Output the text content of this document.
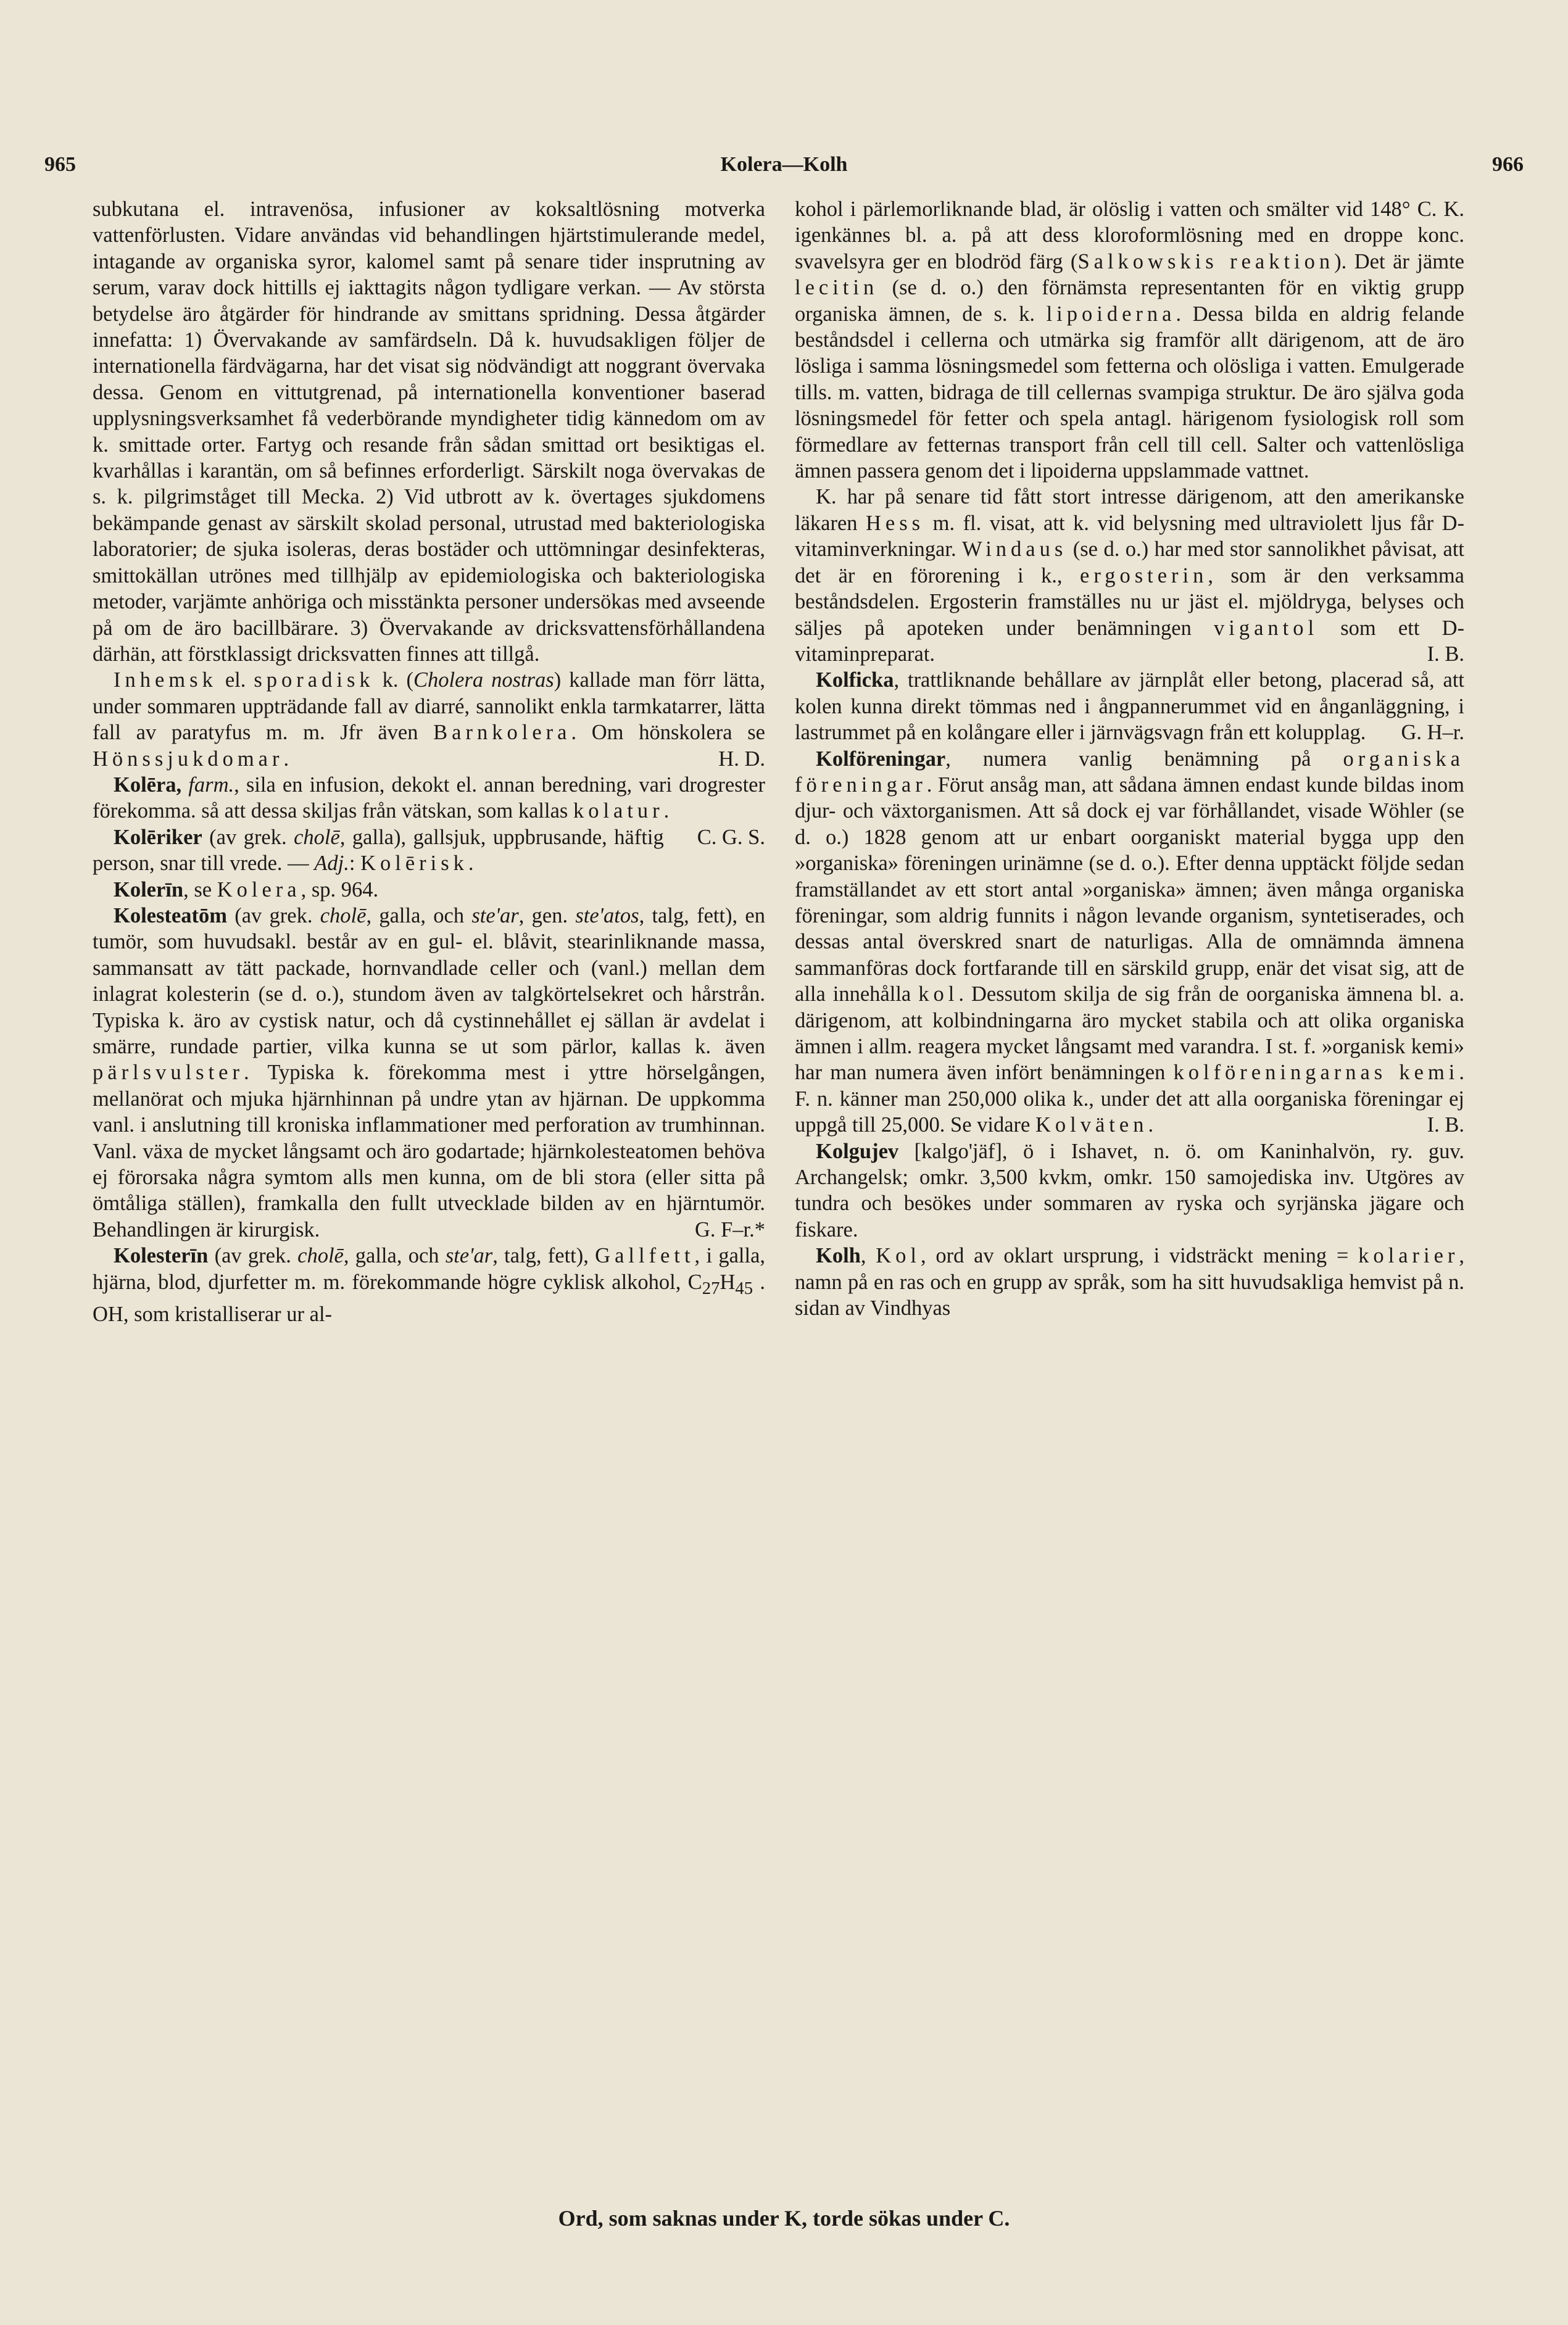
965	Kolera—Kolh	966

subkutana el. intravenösa, infusioner av koksaltlösning motverka vattenförlusten. Vidare användas vid behandlingen hjärtstimulerande medel, intagande av organiska syror, kalomel samt på senare tider insprutning av serum, varav dock hittills ej iakttagits någon tydligare verkan. — Av största betydelse äro åtgärder för hindrande av smittans spridning. Dessa åtgärder innefatta: 1) Övervakande av samfärdseln. Då k. huvudsakligen följer de internationella färdvägarna, har det visat sig nödvändigt att noggrant övervaka dessa. Genom en vittutgrenad, på internationella konventioner baserad upplysningsverksamhet få vederbörande myndigheter tidig kännedom om av k. smittade orter. Fartyg och resande från sådan smittad ort besiktigas el. kvarhållas i karantän, om så befinnes erforderligt. Särskilt noga övervakas de s. k. pilgrimståget till Mecka. 2) Vid utbrott av k. övertages sjukdomens bekämpande genast av särskilt skolad personal, utrustad med bakteriologiska laboratorier; de sjuka isoleras, deras bostäder och uttömningar desinfekteras, smittokällan utrönes med tillhjälp av epidemiologiska och bakteriologiska metoder, varjämte anhöriga och misstänkta personer undersökas med avseende på om de äro bacillbärare. 3) Övervakande av dricksvattensförhållandena därhän, att förstklassigt dricksvatten finnes att tillgå.

Inhemsk el. sporadisk k. (Cholera nostras) kallade man förr lätta, under sommaren uppträdande fall av diarré, sannolikt enkla tarmkatarrer, lätta fall av paratyfus m. m. Jfr även Barnkolera. Om hönskolera se Hönssjukdomar.	H. D.

Kolēra, farm., sila en infusion, dekokt el. annan beredning, vari drogrester förekomma. så att dessa skiljas från vätskan, som kallas kolatur.
C. G. S.

Kolēriker (av grek. cholē, galla), gallsjuk, uppbrusande, häftig person, snar till vrede. — Adj.: Kolērisk.

Kolerīn, se Kolera, sp. 964.

Kolesteatōm (av grek. cholē, galla, och ste'ar, gen. ste'atos, talg, fett), en tumör, som huvudsakl. består av en gul- el. blåvit, stearinliknande massa, sammansatt av tätt packade, hornvandlade celler och (vanl.) mellan dem inlagrat kolesterin (se d. o.), stundom även av talgkörtelsekret och hårstrån. Typiska k. äro av cystisk natur, och då cystinnehållet ej sällan är avdelat i smärre, rundade partier, vilka kunna se ut som pärlor, kallas k. även pärlsvulster. Typiska k. förekomma mest i yttre hörselgången, mellanörat och mjuka hjärnhinnan på undre ytan av hjärnan. De uppkomma vanl. i anslutning till kroniska inflammationer med perforation av trumhinnan. Vanl. växa de mycket långsamt och äro godartade; hjärnkolesteatomen behöva ej förorsaka några symtom alls men kunna, om de bli stora (eller sitta på ömtåliga ställen), framkalla den fullt utvecklade bilden av en hjärntumör. Behandlingen är kirurgisk.	G. F–r.*

Kolesterīn (av grek. cholē, galla, och ste'ar, talg, fett), Gallfett, i galla, hjärna, blod, djurfetter m. m. förekommande högre cyklisk alkohol, $C_{27}H_{45}$ . OH, som kristalliserar ur al-

kohol i pärlemorliknande blad, är olöslig i vatten och smälter vid 148° C. K. igenkännes bl. a. på att dess kloroformlösning med en droppe konc. svavelsyra ger en blodröd färg (Salkowskis reaktion). Det är jämte lecitin (se d. o.) den förnämsta representanten för en viktig grupp organiska ämnen, de s. k. lipoiderna. Dessa bilda en aldrig felande beståndsdel i cellerna och utmärka sig framför allt därigenom, att de äro lösliga i samma lösningsmedel som fetterna och olösliga i vatten. Emulgerade tills. m. vatten, bidraga de till cellernas svampiga struktur. De äro själva goda lösningsmedel för fetter och spela antagl. härigenom fysiologisk roll som förmedlare av fetternas transport från cell till cell. Salter och vattenlösliga ämnen passera genom det i lipoiderna uppslammade vattnet.

K. har på senare tid fått stort intresse därigenom, att den amerikanske läkaren Hess m. fl. visat, att k. vid belysning med ultraviolett ljus får D-vitaminverkningar. Windaus (se d. o.) har med stor sannolikhet påvisat, att det är en förorening i k., ergosterin, som är den verksamma beståndsdelen. Ergosterin framställes nu ur jäst el. mjöldryga, belyses och säljes på apoteken under benämningen vigantol som ett D-vitaminpreparat.	I. B.

Kolficka, trattliknande behållare av järnplåt eller betong, placerad så, att kolen kunna direkt tömmas ned i ångpannerummet vid en ånganläggning, i lastrummet på en kolångare eller i järnvägsvagn från ett kolupplag.	G. H–r.

Kolföreningar, numera vanlig benämning på organiska föreningar. Förut ansåg man, att sådana ämnen endast kunde bildas inom djur- och växtorganismen. Att så dock ej var förhållandet, visade Wöhler (se d. o.) 1828 genom att ur enbart oorganiskt material bygga upp den »organiska» föreningen urinämne (se d. o.). Efter denna upptäckt följde sedan framställandet av ett stort antal »organiska» ämnen; även många organiska föreningar, som aldrig funnits i någon levande organism, syntetiserades, och dessas antal överskred snart de naturligas. Alla de omnämnda ämnena sammanföras dock fortfarande till en särskild grupp, enär det visat sig, att de alla innehålla kol. Dessutom skilja de sig från de oorganiska ämnena bl. a. därigenom, att kolbindningarna äro mycket stabila och att olika organiska ämnen i allm. reagera mycket långsamt med varandra. I st. f. »organisk kemi» har man numera även infört benämningen kolföreningarnas kemi. F. n. känner man 250,000 olika k., under det att alla oorganiska föreningar ej uppgå till 25,000. Se vidare Kolväten.	I. B.

Kolgujev [kalgo'jäf], ö i Ishavet, n. ö. om Kaninhalvön, ry. guv. Archangelsk; omkr. 3,500 kvkm, omkr. 150 samojediska inv. Utgöres av tundra och besökes under sommaren av ryska och syrjänska jägare och fiskare.

Kolh, Kol, ord av oklart ursprung, i vidsträckt mening = kolarier, namn på en ras och en grupp av språk, som ha sitt huvudsakliga hemvist på n. sidan av Vindhyas

Ord, som saknas under K, torde sökas under C.
